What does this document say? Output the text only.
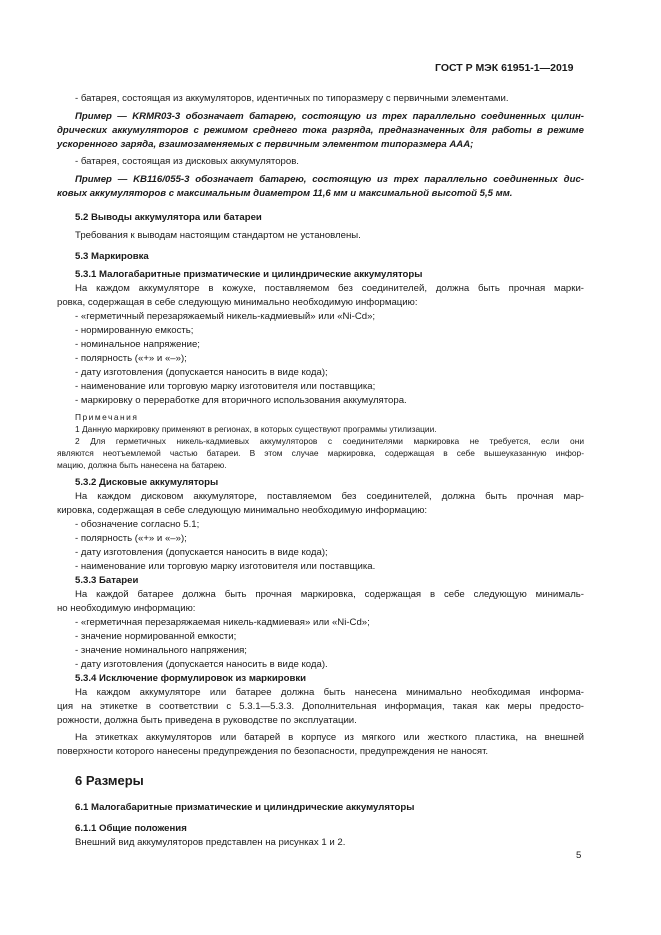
ГОСТ Р МЭК 61951-1—2019
- батарея, состоящая из аккумуляторов, идентичных по типоразмеру с первичными элементами.
Пример — KRMR03-3 обозначает батарею, состоящую из трех параллельно соединенных цилин-
дрических аккумуляторов с режимом среднего тока разряда, предназначенных для работы в режиме
ускоренного заряда, взаимозаменяемых с первичным элементом типоразмера AAA;
- батарея, состоящая из дисковых аккумуляторов.
Пример — KB116/055-3 обозначает батарею, состоящую из трех параллельно соединенных дис-
ковых аккумуляторов с максимальным диаметром 11,6 мм и максимальной высотой 5,5 мм.
5.2 Выводы аккумулятора или батареи
Требования к выводам настоящим стандартом не установлены.
5.3 Маркировка
5.3.1 Малогабаритные призматические и цилиндрические аккумуляторы
На каждом аккумуляторе в кожухе, поставляемом без соединителей, должна быть прочная марки-
ровка, содержащая в себе следующую минимально необходимую информацию:
- «герметичный перезаряжаемый никель-кадмиевый» или «Ni-Cd»;
- нормированную емкость;
- номинальное напряжение;
- полярность («+» и «–»);
- дату изготовления (допускается наносить в виде кода);
- наименование или торговую марку изготовителя или поставщика;
- маркировку о переработке для вторичного использования аккумулятора.
Примечания
1 Данную маркировку применяют в регионах, в которых существуют программы утилизации.
2 Для герметичных никель-кадмиевых аккумуляторов с соединителями маркировка не требуется, если они
являются неотъемлемой частью батареи. В этом случае маркировка, содержащая в себе вышеуказанную инфор-
мацию, должна быть нанесена на батарею.
5.3.2 Дисковые аккумуляторы
На каждом дисковом аккумуляторе, поставляемом без соединителей, должна быть прочная мар-
кировка, содержащая в себе следующую минимально необходимую информацию:
- обозначение согласно 5.1;
- полярность («+» и «–»);
- дату изготовления (допускается наносить в виде кода);
- наименование или торговую марку изготовителя или поставщика.
5.3.3 Батареи
На каждой батарее должна быть прочная маркировка, содержащая в себе следующую минималь-
но необходимую информацию:
- «герметичная перезаряжаемая никель-кадмиевая» или «Ni-Cd»;
- значение нормированной емкости;
- значение номинального напряжения;
- дату изготовления (допускается наносить в виде кода).
5.3.4 Исключение формулировок из маркировки
На каждом аккумуляторе или батарее должна быть нанесена минимально необходимая информа-
ция на этикетке в соответствии с 5.3.1—5.3.3. Дополнительная информация, такая как меры предосто-
рожности, должна быть приведена в руководстве по эксплуатации.
На этикетках аккумуляторов или батарей в корпусе из мягкого или жесткого пластика, на внешней
поверхности которого нанесены предупреждения по безопасности, предупреждения не наносят.
6 Размеры
6.1 Малогабаритные призматические и цилиндрические аккумуляторы
6.1.1 Общие положения
Внешний вид аккумуляторов представлен на рисунках 1 и 2.
5
